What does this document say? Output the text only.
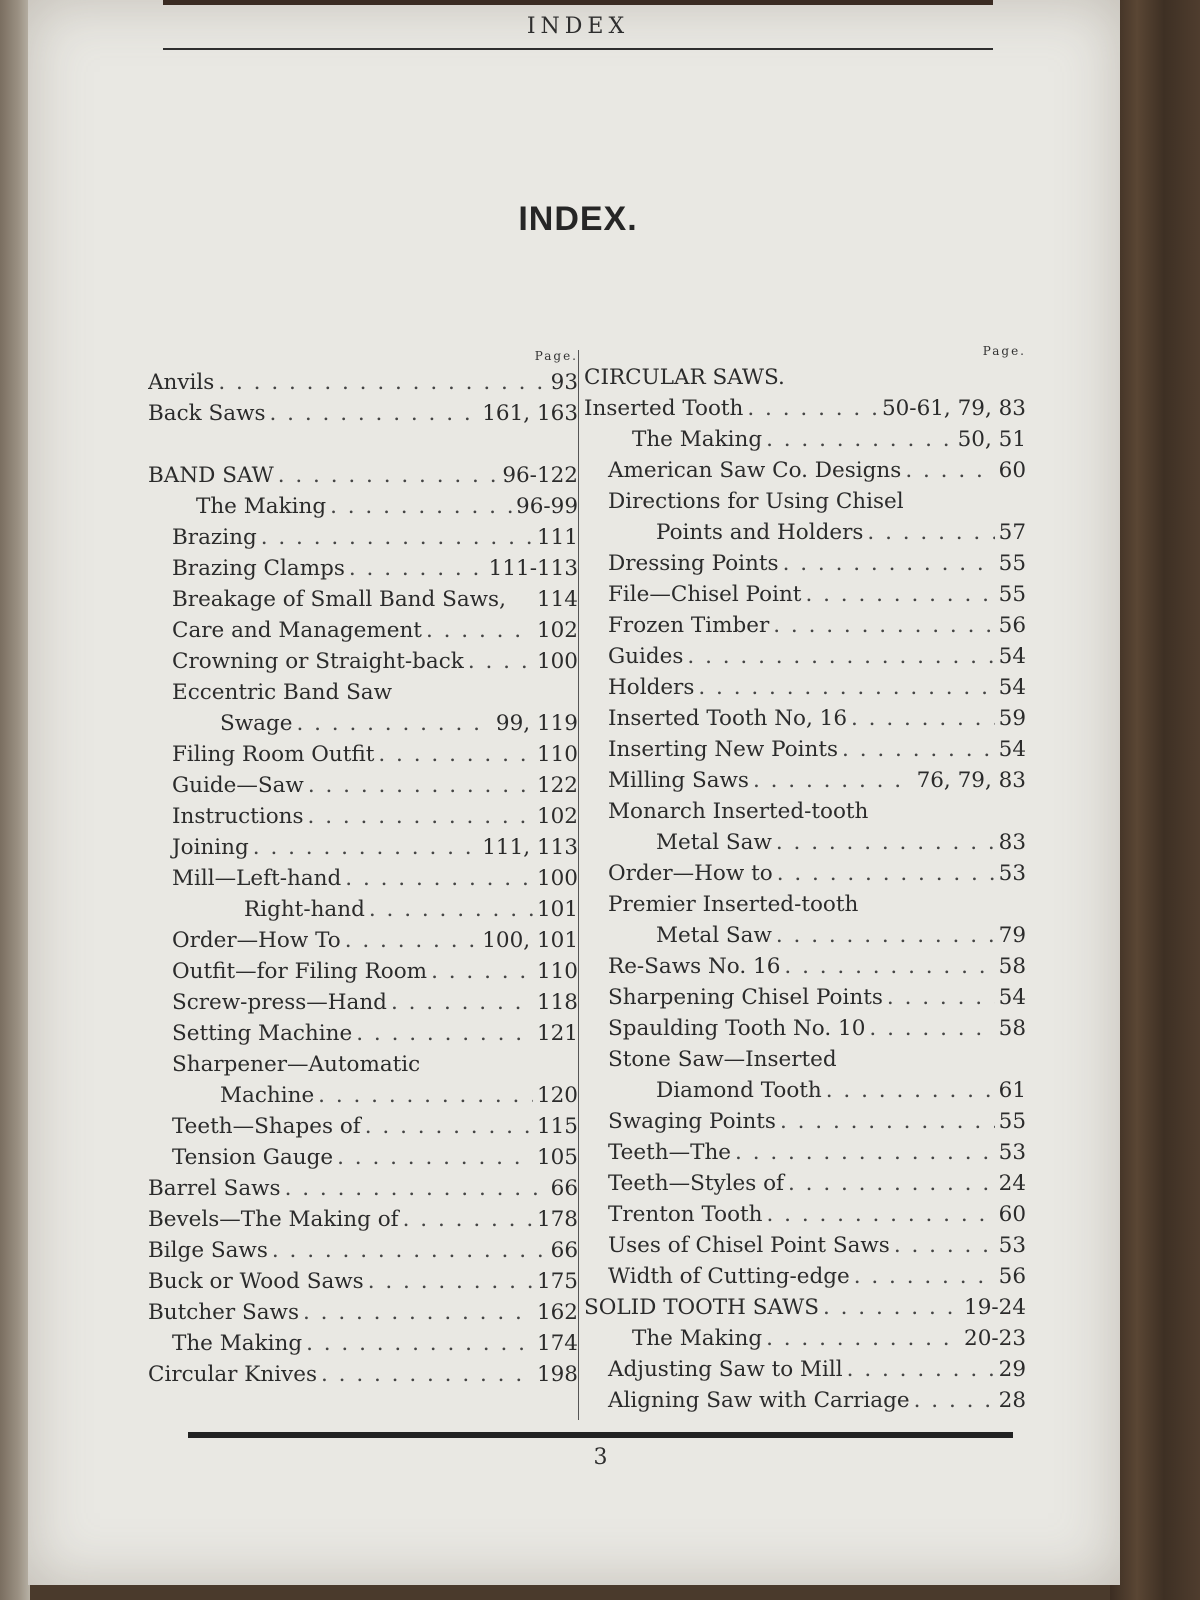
INDEX
INDEX.
Page.
Anvils . . .	93
Back Saws . . .	161, 163
BAND SAW . . .	96-122
The Making . . .	96-99
Brazing . . .	111
Brazing Clamps . . .	111-113
Breakage of Small Band Saws, 114
Care and Management . . .	102
Crowning or Straight-back . . .	100
Eccentric Band Saw
Swage . . .	99, 119
Filing Room Outfit . . .	110
Guide—Saw . . .	122
Instructions . . .	102
Joining . . .	111, 113
Mill—Left-hand . . .	100
Right-hand . . .	101
Order—How To . . .	100, 101
Outfit—for Filing Room . . .	110
Screw-press—Hand . . .	118
Setting Machine . . .	121
Sharpener—Automatic
Machine . . .	120
Teeth—Shapes of . . .	115
Tension Gauge . . .	105
Barrel Saws . . .	66
Bevels—The Making of . . .	178
Bilge Saws . . .	66
Buck or Wood Saws . . .	175
Butcher Saws . . .	162
The Making . . .	174
Circular Knives . . .	198
Page.
CIRCULAR SAWS.
Inserted Tooth . . .	50-61, 79, 83
The Making . . .	50, 51
American Saw Co. Designs . . .	60
Directions for Using Chisel
Points and Holders . . .	57
Dressing Points . . .	55
File—Chisel Point . . .	55
Frozen Timber . . .	56
Guides . . .	54
Holders . . .	54
Inserted Tooth No, 16 . . .	59
Inserting New Points . . .	54
Milling Saws . . .	76, 79, 83
Monarch Inserted-tooth
Metal Saw . . .	83
Order—How to . . .	53
Premier Inserted-tooth
Metal Saw . . .	79
Re-Saws No. 16 . . .	58
Sharpening Chisel Points . . .	54
Spaulding Tooth No. 10 . . .	58
Stone Saw—Inserted
Diamond Tooth . . .	61
Swaging Points . . .	55
Teeth—The . . .	53
Teeth—Styles of . . .	24
Trenton Tooth . . .	60
Uses of Chisel Point Saws . . .	53
Width of Cutting-edge . . .	56
SOLID TOOTH SAWS . . .	19-24
The Making . . .	20-23
Adjusting Saw to Mill . . .	29
Aligning Saw with Carriage . . .	28
3
